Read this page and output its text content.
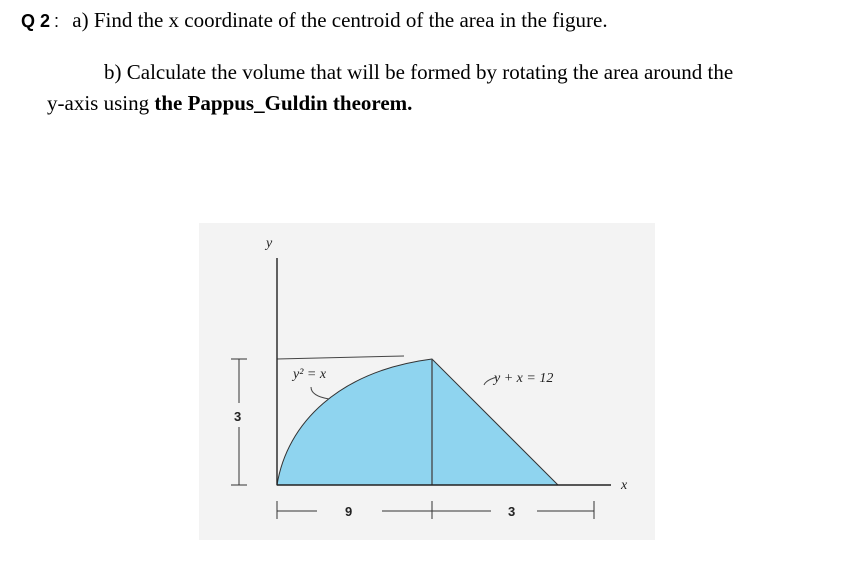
Q 2 : a) Find the x coordinate of the centroid of the area in the figure.
b) Calculate the volume that will be formed by rotating the area around the
y-axis using the Pappus_Guldin theorem.
y
x
y² = x	y + x = 12
3
9	3
